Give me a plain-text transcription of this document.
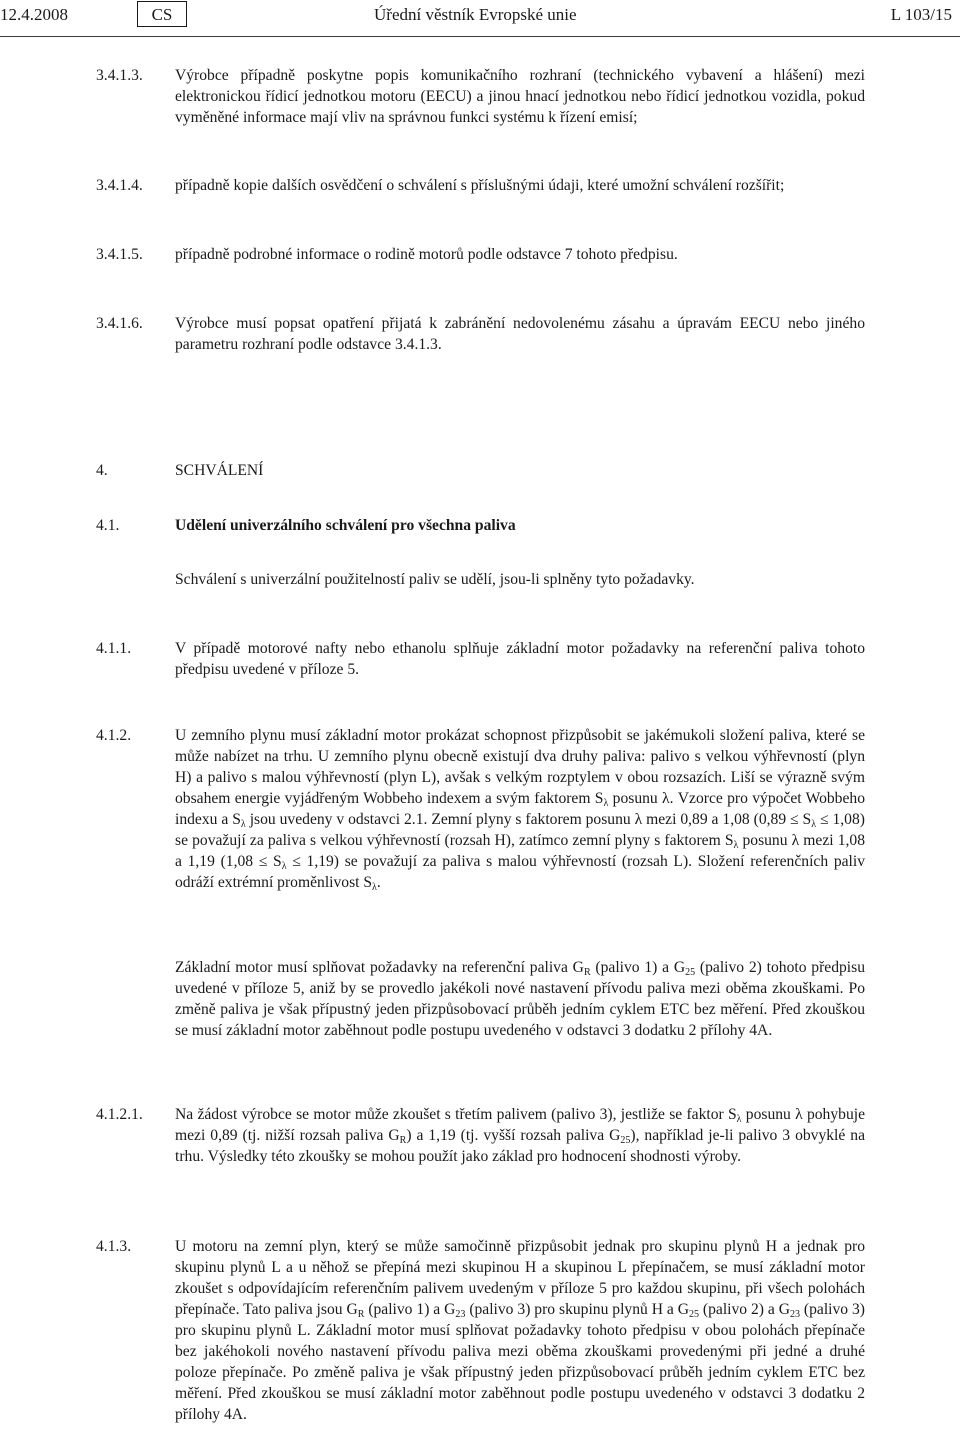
12.4.2008	CS	Úřední věstník Evropské unie	L 103/15
3.4.1.3. Výrobce případně poskytne popis komunikačního rozhraní (technického vybavení a hlášení) mezi elektronickou řídicí jednotkou motoru (EECU) a jinou hnací jednotkou nebo řídicí jednotkou vozidla, pokud vyměněné informace mají vliv na správnou funkci systému k řízení emisí;
3.4.1.4. případně kopie dalších osvědčení o schválení s příslušnými údaji, které umožní schválení rozšířit;
3.4.1.5. případně podrobné informace o rodině motorů podle odstavce 7 tohoto předpisu.
3.4.1.6. Výrobce musí popsat opatření přijatá k zabránění nedovolenému zásahu a úpravám EECU nebo jiného parametru rozhraní podle odstavce 3.4.1.3.
4.	SCHVÁLENÍ
4.1.	Udělení univerzálního schválení pro všechna paliva
Schválení s univerzální použitelností paliv se udělí, jsou-li splněny tyto požadavky.
4.1.1.	V případě motorové nafty nebo ethanolu splňuje základní motor požadavky na referenční paliva tohoto předpisu uvedené v příloze 5.
4.1.2.	U zemního plynu musí základní motor prokázat schopnost přizpůsobit se jakémukoli složení paliva, které se může nabízet na trhu. U zemního plynu obecně existují dva druhy paliva: palivo s velkou výhřevností (plyn H) a palivo s malou výhřevností (plyn L), avšak s velkým rozptylem v obou rozsazích. Liší se výrazně svým obsahem energie vyjádřeným Wobbeho indexem a svým faktorem $S_\lambda$ posunu λ. Vzorce pro výpočet Wobbeho indexu a $S_\lambda$ jsou uvedeny v odstavci 2.1. Zemní plyny s faktorem posunu λ mezi 0,89 a 1,08 $(0,89 \le S_\lambda \le 1,08)$ se považují za paliva s velkou výhřevností (rozsah H), zatímco zemní plyny s faktorem $S_\lambda$ posunu λ mezi 1,08 a 1,19 $(1,08 \le S_\lambda \le 1,19)$ se považují za paliva s malou výhřevností (rozsah L). Složení referenčních paliv odráží extrémní proměnlivost $S_\lambda$.

Základní motor musí splňovat požadavky na referenční paliva $G_R$ (palivo 1) a $G_{25}$ (palivo 2) tohoto předpisu uvedené v příloze 5, aniž by se provedlo jakékoli nové nastavení přívodu paliva mezi oběma zkouškami. Po změně paliva je však přípustný jeden přizpůsobovací průběh jedním cyklem ETC bez měření. Před zkouškou se musí základní motor zaběhnout podle postupu uvedeného v odstavci 3 dodatku 2 přílohy 4A.

4.1.2.1. Na žádost výrobce se motor může zkoušet s třetím palivem (palivo 3), jestliže se faktor $S_\lambda$ posunu λ pohybuje mezi 0,89 (tj. nižší rozsah paliva $G_R$) a 1,19 (tj. vyšší rozsah paliva $G_{25}$), například je-li palivo 3 obvyklé na trhu. Výsledky této zkoušky se mohou použít jako základ pro hodnocení shodnosti výroby.

4.1.3.	U motoru na zemní plyn, který se může samočinně přizpůsobit jednak pro skupinu plynů H a jednak pro skupinu plynů L a u něhož se přepíná mezi skupinou H a skupinou L přepínačem, se musí základní motor zkoušet s odpovídajícím referenčním palivem uvedeným v příloze 5 pro každou skupinu, při všech polohách přepínače. Tato paliva jsou $G_R$ (palivo 1) a $G_{23}$ (palivo 3) pro skupinu plynů H a $G_{25}$ (palivo 2) a $G_{23}$ (palivo 3) pro skupinu plynů L. Základní motor musí splňovat požadavky tohoto předpisu v obou polohách přepínače bez jakéhokoli nového nastavení přívodu paliva mezi oběma zkouškami provedenými při jedné a druhé poloze přepínače. Po změně paliva je však přípustný jeden přizpůsobovací průběh jedním cyklem ETC bez měření. Před zkouškou se musí základní motor zaběhnout podle postupu uvedeného v odstavci 3 dodatku 2 přílohy 4A.
